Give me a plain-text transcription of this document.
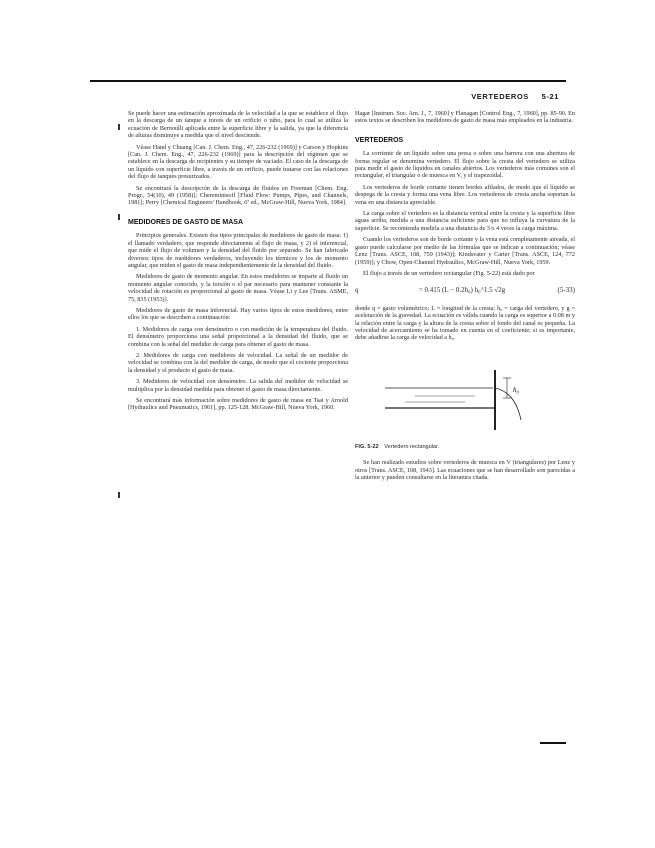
VERTEDEROS 5-21

Se puede hacer una estimación aproximada de la velocidad a la que se establece el flujo en la descarga de un tanque a través de un orificio o tubo, para lo cual se utiliza la ecuación de Bernoulli aplicada entre la superficie libre y la salida, ya que la diferencia de alturas disminuye a medida que el nivel desciende.

Véase Hand y Chuang [Can. J. Chem. Eng., 47, 226-232 (1969)] y Carson y Hopkins [Can. J. Chem. Eng., 47, 226-232 (1969)] para la descripción del régimen que se establece en la descarga de recipientes y su tiempo de vaciado. El caso de la descarga de un líquido con superficie libre, a través de un orificio, puede tratarse con las relaciones del flujo de tanques presurizados.

Se encontrará la descripción de la descarga de fluidos en Freeman [Chem. Eng. Progr., 54(10), 49 (1958)]; Chereminisoff [Fluid Flow: Pumps, Pipes, and Channels, 1981]; Perry [Chemical Engineers' Handbook, 6ª ed., McGraw-Hill, Nueva York, 1984].

MEDIDORES DE GASTO DE MASA

Principios generales. Existen dos tipos principales de medidores de gasto de masa: 1) el llamado verdadero, que responde directamente al flujo de masa, y 2) el inferencial, que mide el flujo de volumen y la densidad del fluido por separado. Se han fabricado diversos tipos de medidores verdaderos, incluyendo los térmicos y los de momento angular, que miden el gasto de masa independientemente de la densidad del fluido.

Medidores de gasto de momento angular. En estos medidores se imparte al fluido un momento angular conocido, y la torsión o el par necesario para mantener constante la velocidad de rotación es proporcional al gasto de masa. Véase Li y Lee [Trans. ASME, 75, 835 (1953)].

Medidores de gasto de masa inferencial. Hay varios tipos de estos medidores, entre ellos los que se describen a continuación:

1. Medidores de carga con densímetro o con medición de la temperatura del fluido. El densímetro proporciona una señal proporcional a la densidad del fluido, que se combina con la señal del medidor de carga para obtener el gasto de masa.
2. Medidores de carga con medidores de velocidad. La señal de un medidor de velocidad se combina con la del medidor de carga, de modo que el cociente proporciona la densidad y el producto el gasto de masa.
3. Medidores de velocidad con densímetro. La salida del medidor de velocidad se multiplica por la densidad medida para obtener el gasto de masa directamente.

Se encontrará más información sobre medidores de gasto de masa en Tsai y Arnold [Hydraulics and Pneumatics, 1961], pp. 125-128. McGraw-Hill, Nueva York, 1960.

Hagar [Instrum. Soc. Am. J., 7, 1960] y Flanagan [Control Eng., 7, 1960], pp. 85-90. En estos textos se describen los medidores de gasto de masa más empleados en la industria.

VERTEDEROS

La corriente de un líquido sobre una presa o sobre una barrera con una abertura de forma regular se denomina vertedero. El flujo sobre la cresta del vertedero se utiliza para medir el gasto de líquidos en canales abiertos. Los vertederos más comunes son el rectangular, el triangular o de muesca en V, y el trapezoidal.

Los vertederos de borde cortante tienen bordes afilados, de modo que el líquido se despega de la cresta y forma una vena libre. Los vertederos de cresta ancha soportan la vena en una distancia apreciable.

La carga sobre el vertedero es la distancia vertical entre la cresta y la superficie libre aguas arriba, medida a una distancia suficiente para que no influya la curvatura de la superficie. Se recomienda medirla a una distancia de 3 o 4 veces la carga máxima.

Cuando los vertederos son de borde cortante y la vena está completamente aireada, el gasto puede calcularse por medio de las fórmulas que se indican a continuación; véase Lenz [Trans. ASCE, 108, 759 (1943)]; Kindsvater y Carter [Trans. ASCE, 124, 772 (1959)]; y Chow, Open-Channel Hydraulics, McGraw-Hill, Nueva York, 1959.

El flujo a través de un vertedero rectangular (Fig. 5-22) está dado por

q	= 0.415 (L − 0.2h₀) h₀^1.5 √2g	(5-33)

donde q = gasto volumétrico; L = longitud de la cresta; h₀ = carga del vertedero, y g = aceleración de la gravedad. La ecuación es válida cuando la carga es superior a 0.08 m y la relación entre la carga y la altura de la cresta sobre el fondo del canal es pequeña. La velocidad de acercamiento se ha tomado en cuenta en el coeficiente; si es importante, debe añadirse la carga de velocidad a h₀.

h₀
FIG. 5-22 Vertedero rectangular.

Se han realizado estudios sobre vertederos de muesca en V (triangulares) por Lenz y otros [Trans. ASCE, 108, 1943]. Las ecuaciones que se han desarrollado son parecidas a la anterior y pueden consultarse en la literatura citada.
